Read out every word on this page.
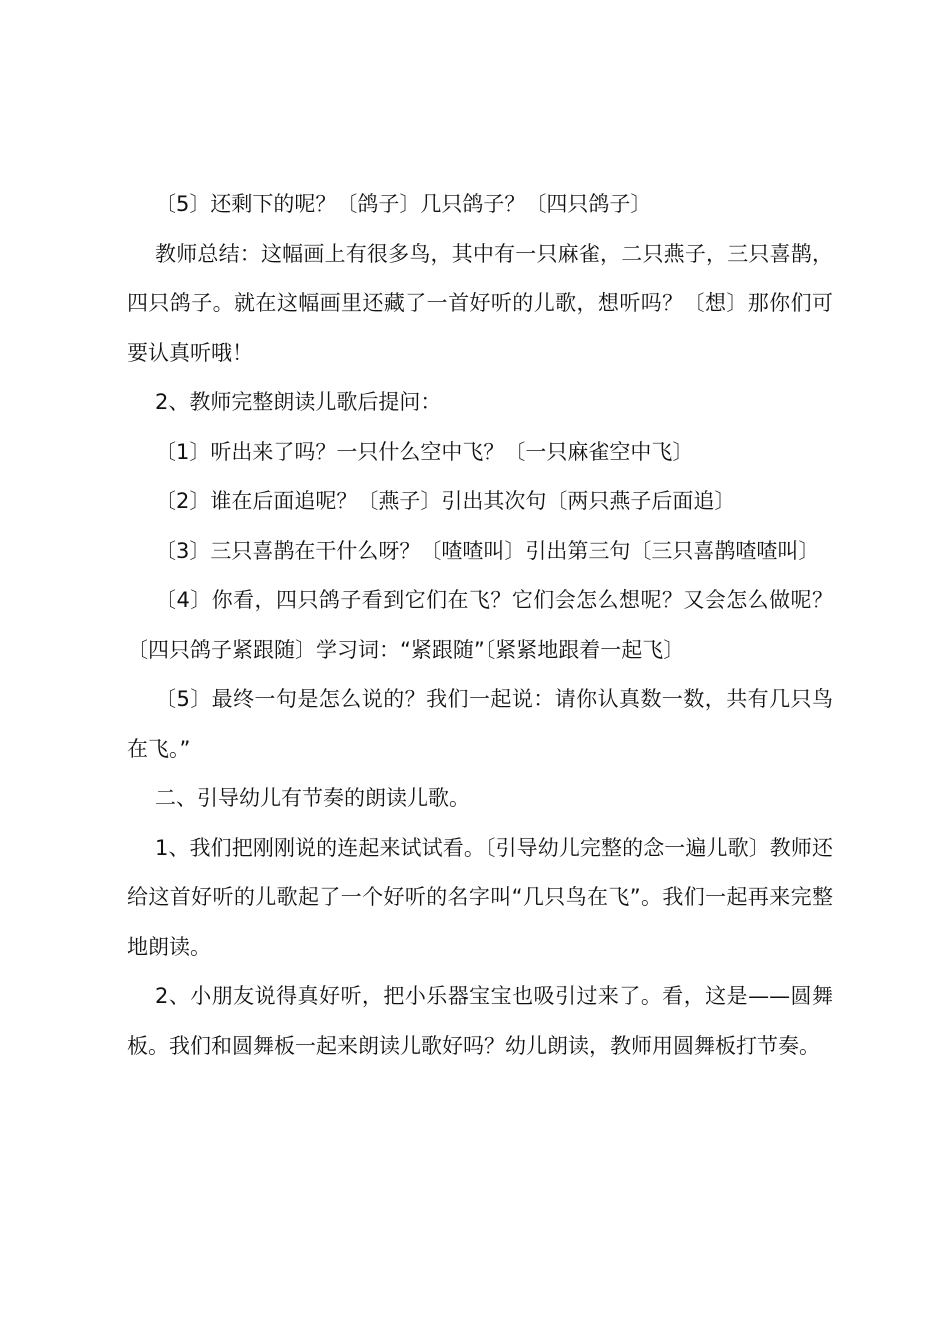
〔5〕还剩下的呢？〔鸽子〕几只鸽子？〔四只鸽子〕

教师总结：这幅画上有很多鸟，其中有一只麻雀，二只燕子，三只喜鹊，四只鸽子。就在这幅画里还藏了一首好听的儿歌，想听吗？〔想〕那你们可要认真听哦！

2、教师完整朗读儿歌后提问：

〔1〕听出来了吗？一只什么空中飞？〔一只麻雀空中飞〕

〔2〕谁在后面追呢？〔燕子〕引出其次句〔两只燕子后面追〕

〔3〕三只喜鹊在干什么呀？〔喳喳叫〕引出第三句〔三只喜鹊喳喳叫〕

〔4〕你看，四只鸽子看到它们在飞？它们会怎么想呢？又会怎么做呢？〔四只鸽子紧跟随〕学习词：“紧跟随”〔紧紧地跟着一起飞〕

〔5〕最终一句是怎么说的？我们一起说：请你认真数一数，共有几只鸟在飞。”

二、引导幼儿有节奏的朗读儿歌。

1、我们把刚刚说的连起来试试看。〔引导幼儿完整的念一遍儿歌〕教师还给这首好听的儿歌起了一个好听的名字叫“几只鸟在飞”。我们一起再来完整地朗读。

2、小朋友说得真好听，把小乐器宝宝也吸引过来了。看，这是——圆舞板。我们和圆舞板一起来朗读儿歌好吗？幼儿朗读，教师用圆舞板打节奏。
